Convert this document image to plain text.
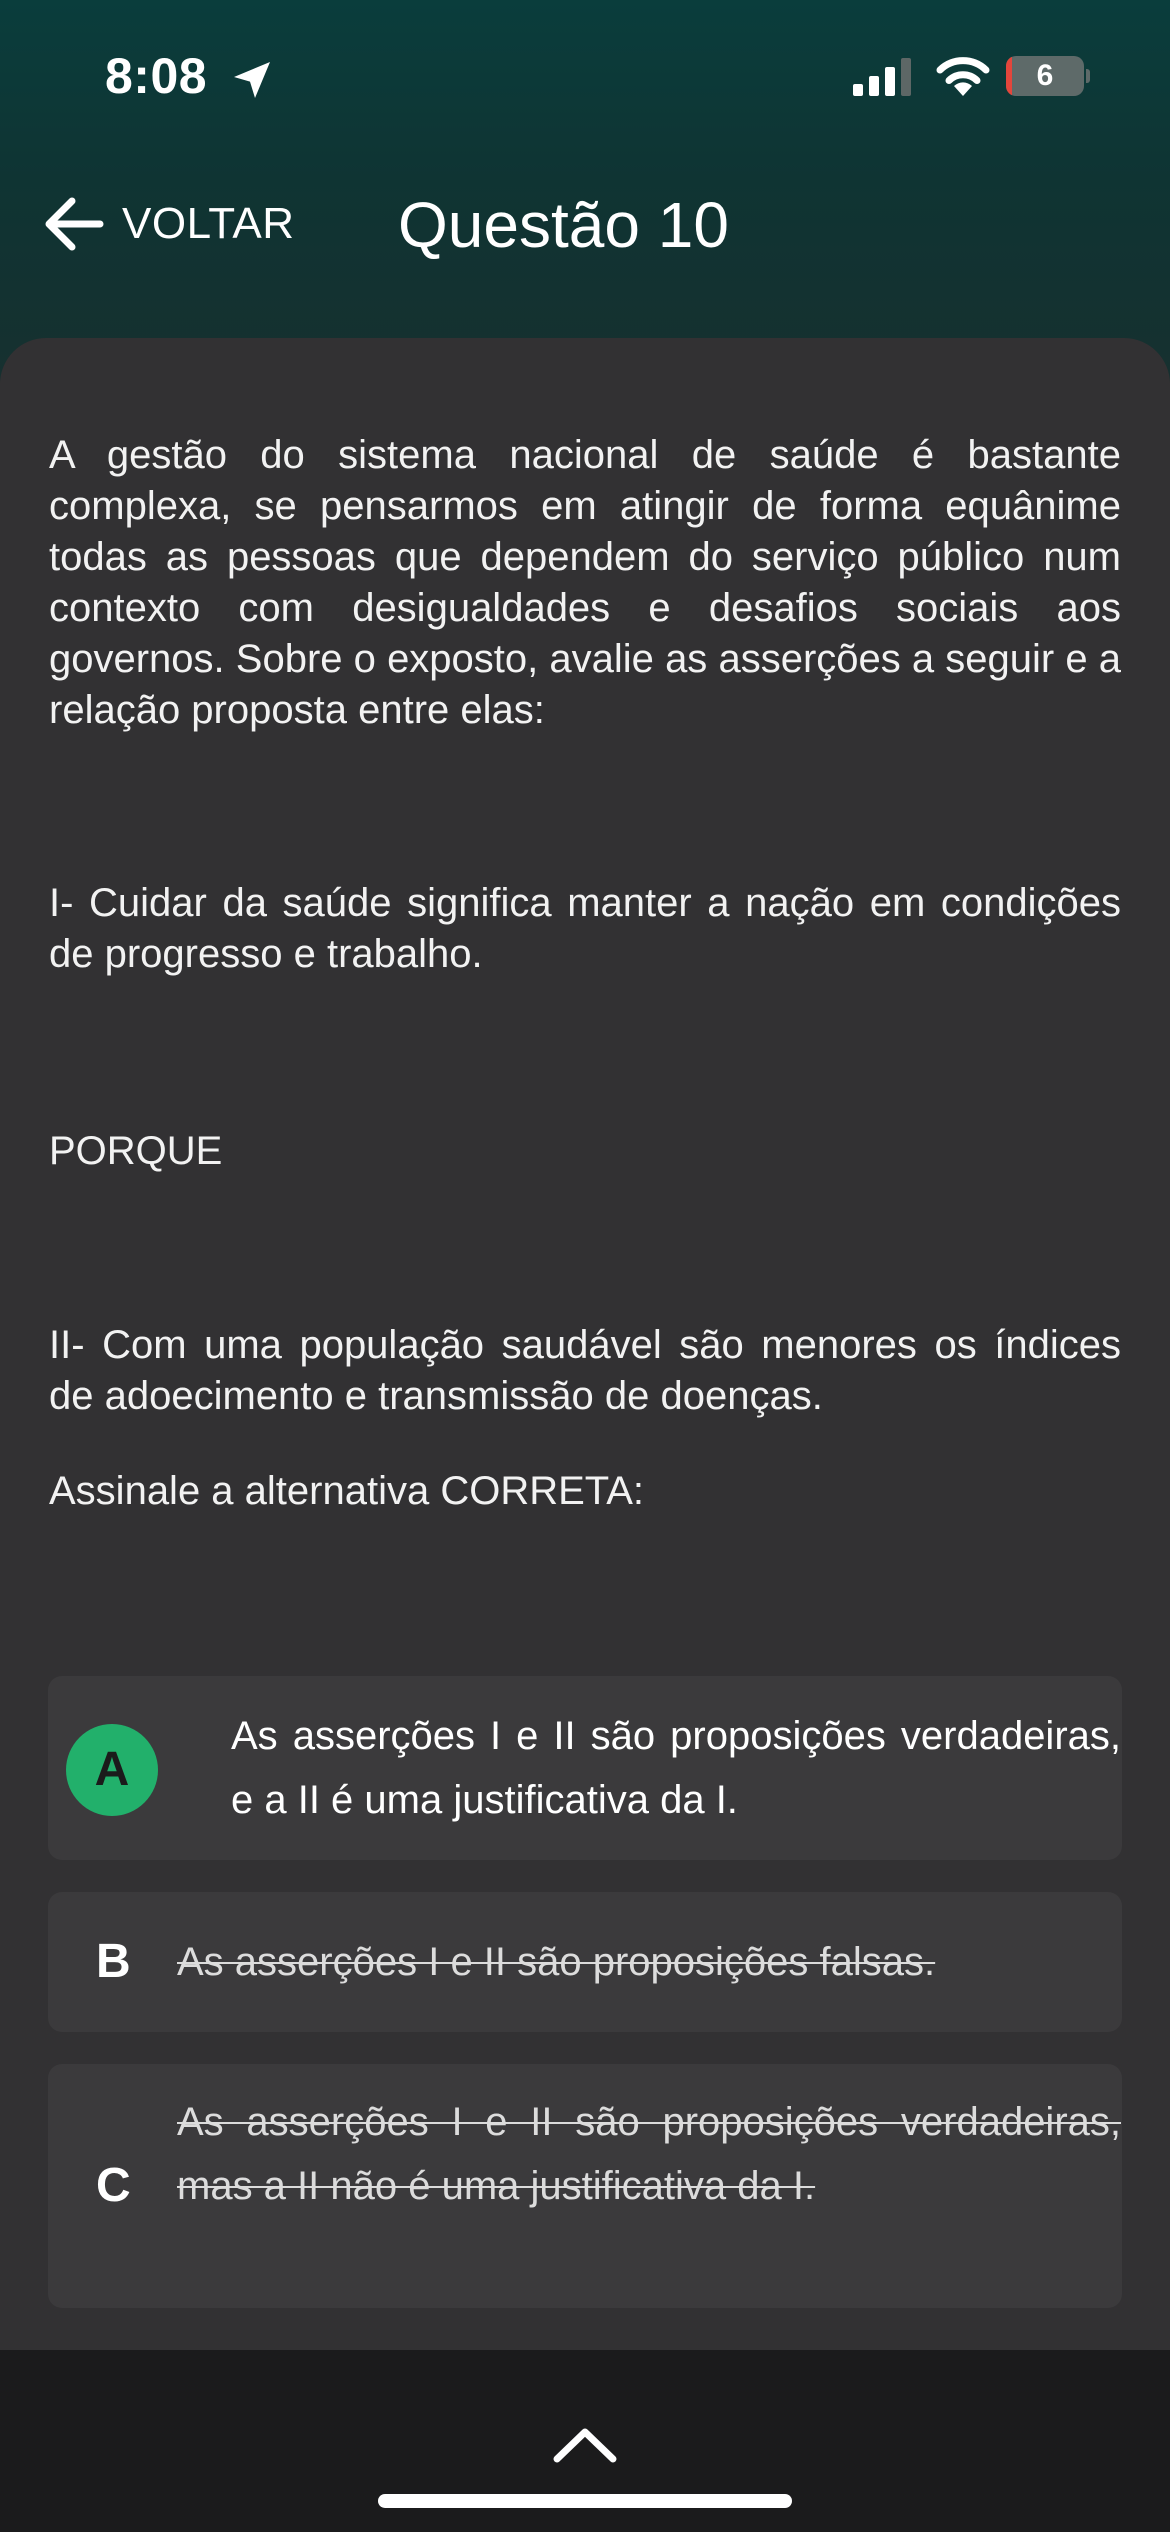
8:08	6
VOLTAR Questão 10

A gestão do sistema nacional de saúde é bastante complexa, se pensarmos em atingir de forma equânime todas as pessoas que dependem do serviço público num contexto com desigualdades e desafios sociais aos governos. Sobre o exposto, avalie as asserções a seguir e a relação proposta entre elas:

I- Cuidar da saúde significa manter a nação em condições de progresso e trabalho.

PORQUE

II- Com uma população saudável são menores os índices de adoecimento e transmissão de doenças.

Assinale a alternativa CORRETA:

A

As asserções I e II são proposições verdadeiras, e a II é uma justificativa da I.

B As asserções I e II são proposições falsas.

C

As asserções I e II são proposições verdadeiras, mas a II não é uma justificativa da I.
